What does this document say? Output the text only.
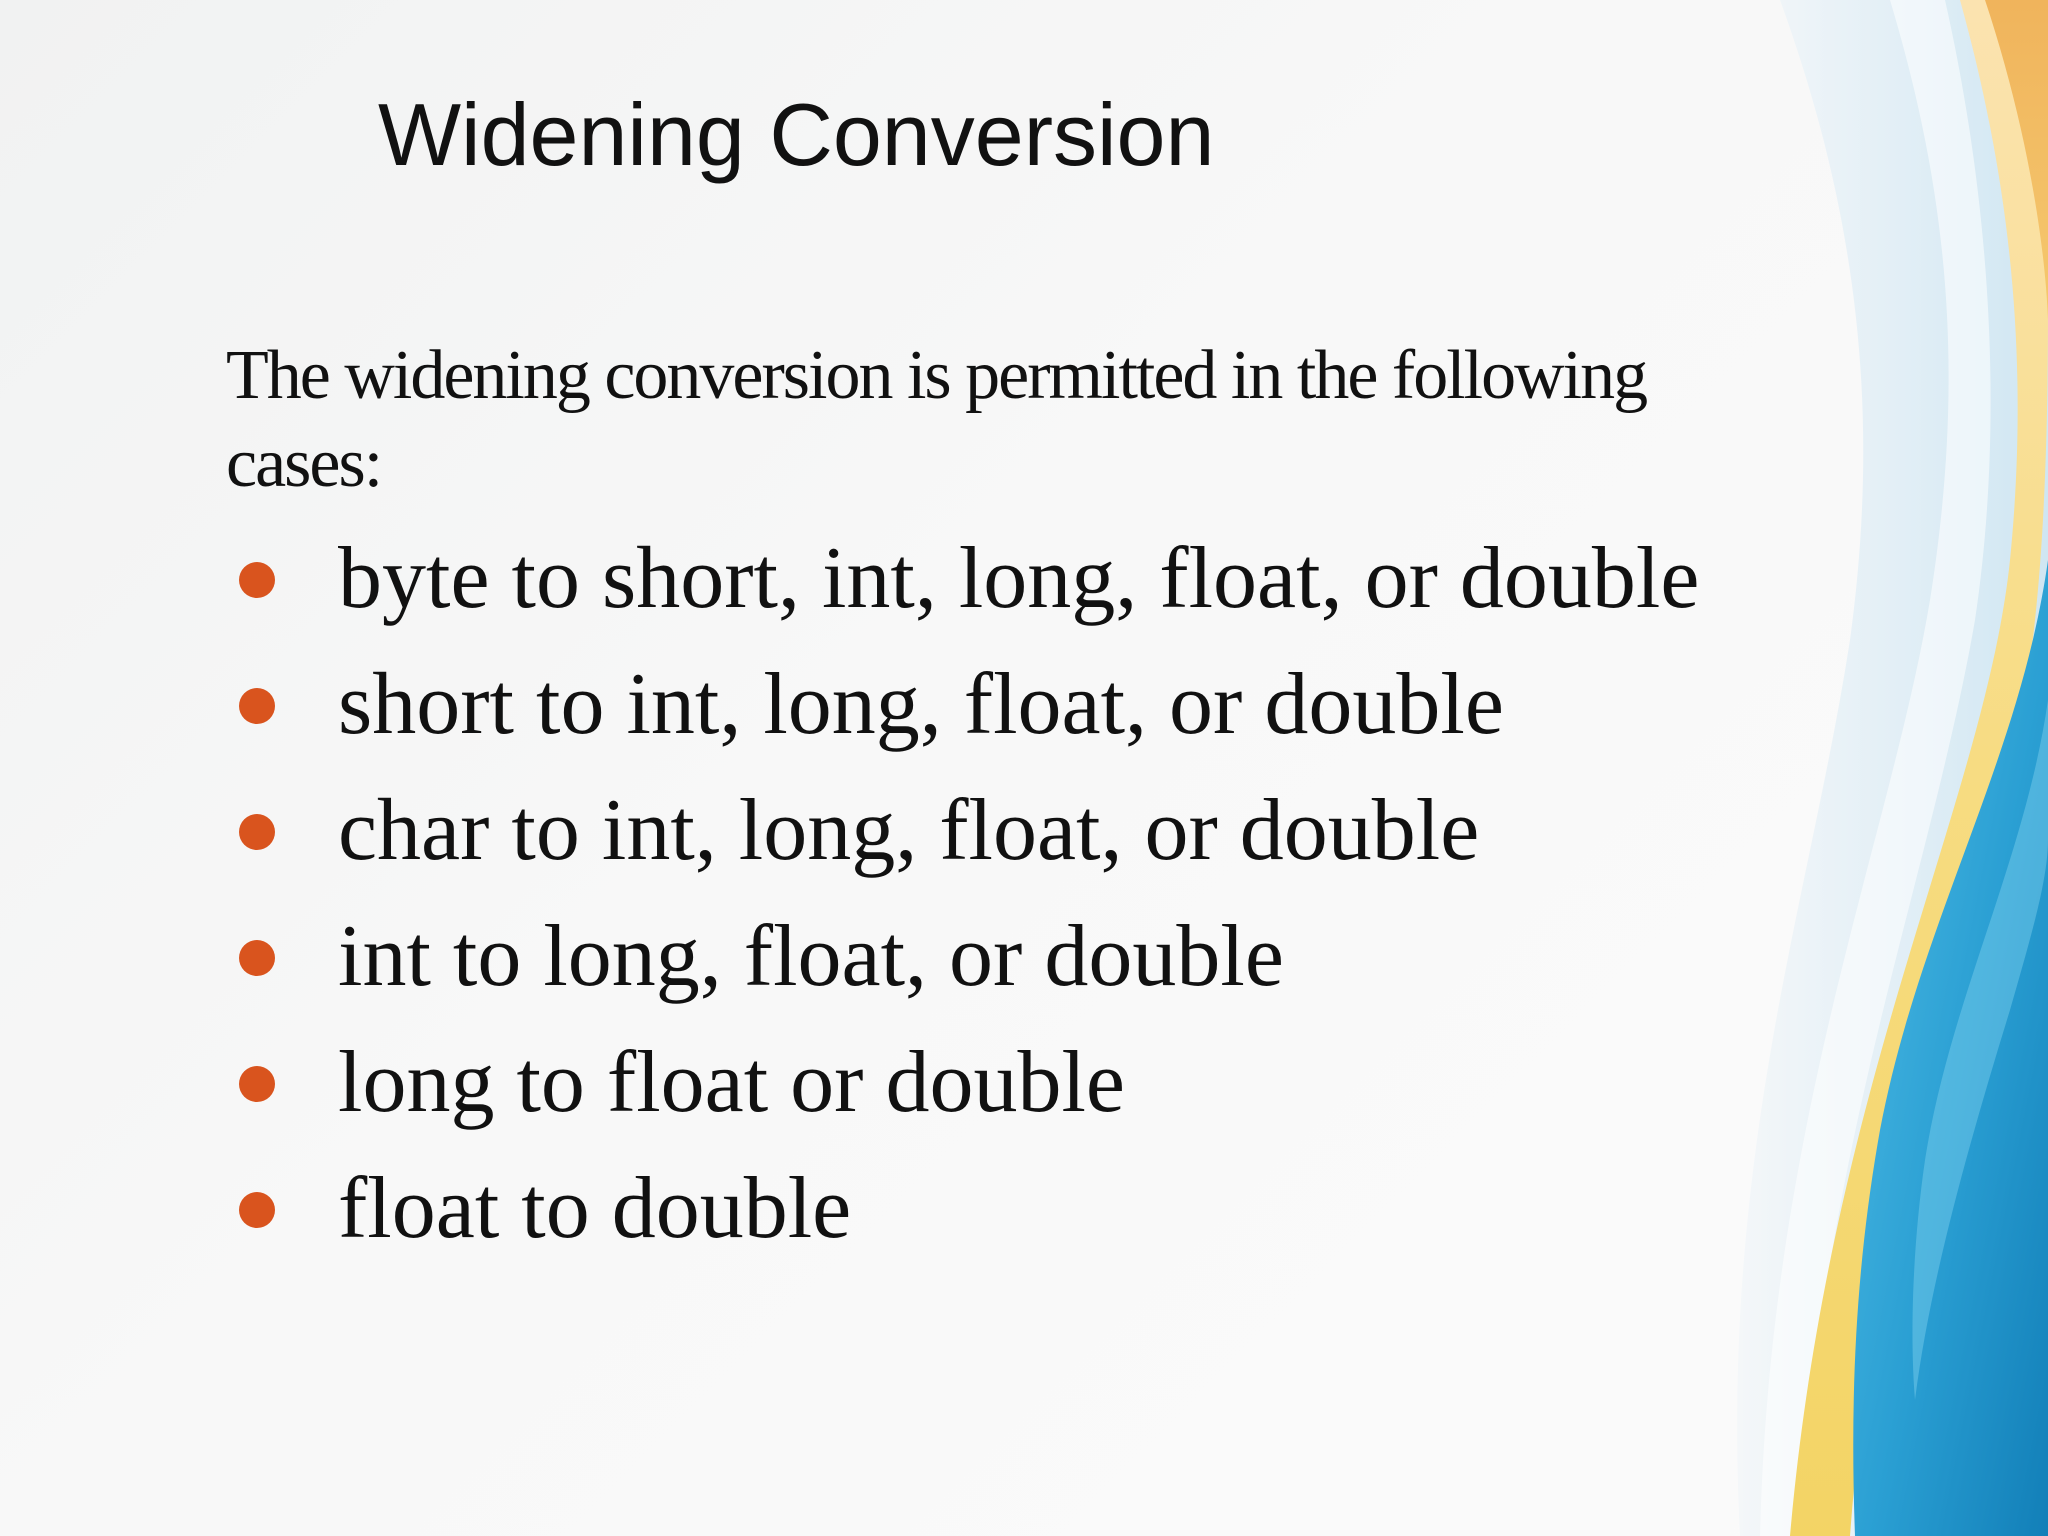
Widening Conversion

The widening conversion is permitted in the following cases:

byte to short, int, long, float, or double
short to int, long, float, or double
char to int, long, float, or double
int to long, float, or double
long to float or double
float to double
